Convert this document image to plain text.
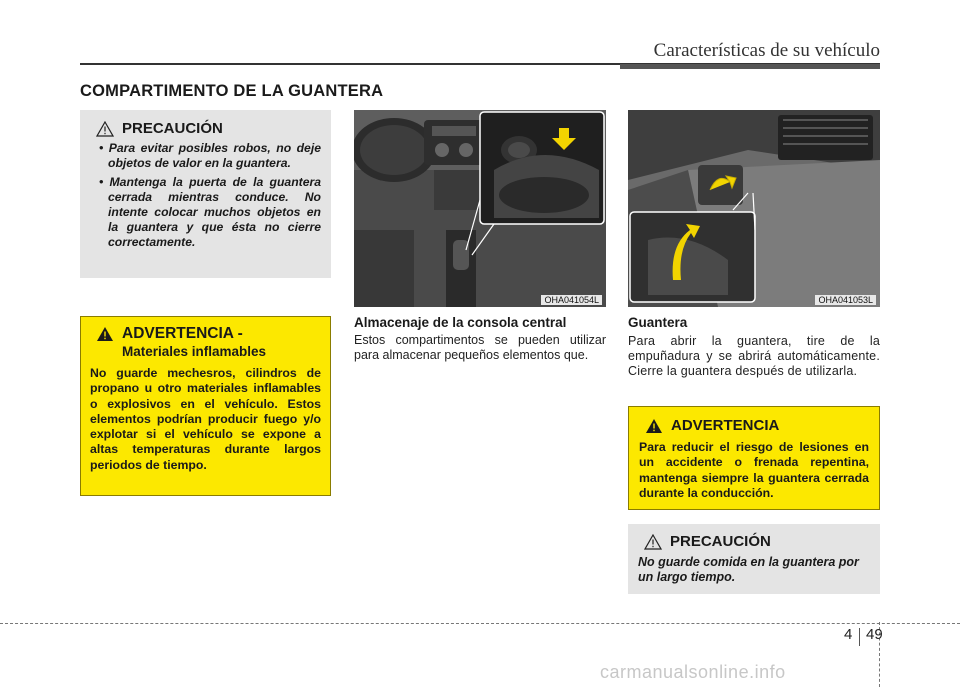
Características de su vehículo
COMPARTIMENTO DE LA GUANTERA
PRECAUCIÓN
• Para evitar posibles robos, no deje objetos de valor en la guantera.
• Mantenga la puerta de la guantera cerrada mientras conduce. No intente colocar muchos objetos en la guantera y que ésta no cierre correctamente.
ADVERTENCIA -
Materiales inflamables

No guarde mechesros, cilindros de propano u otro materiales inflamables o explosivos en el vehículo. Estos elementos podrían producir fuego y/o explotar si el vehículo se expone a altas temperaturas durante largos periodos de tiempo.

OHA041054L	OHA041053L
Almacenaje de la consola central
Estos compartimentos se pueden utilizar para almacenar pequeños elementos que.
Guantera
Para abrir la guantera, tire de la empuñadura y se abrirá automáticamente. Cierre la guantera después de utilizarla.
ADVERTENCIA

Para reducir el riesgo de lesiones en un accidente o frenada repentina, mantenga siempre la guantera cerrada durante la conducción.

PRECAUCIÓN

No guarde comida en la guantera por un largo tiempo.

4 49
carmanualsonline.info
